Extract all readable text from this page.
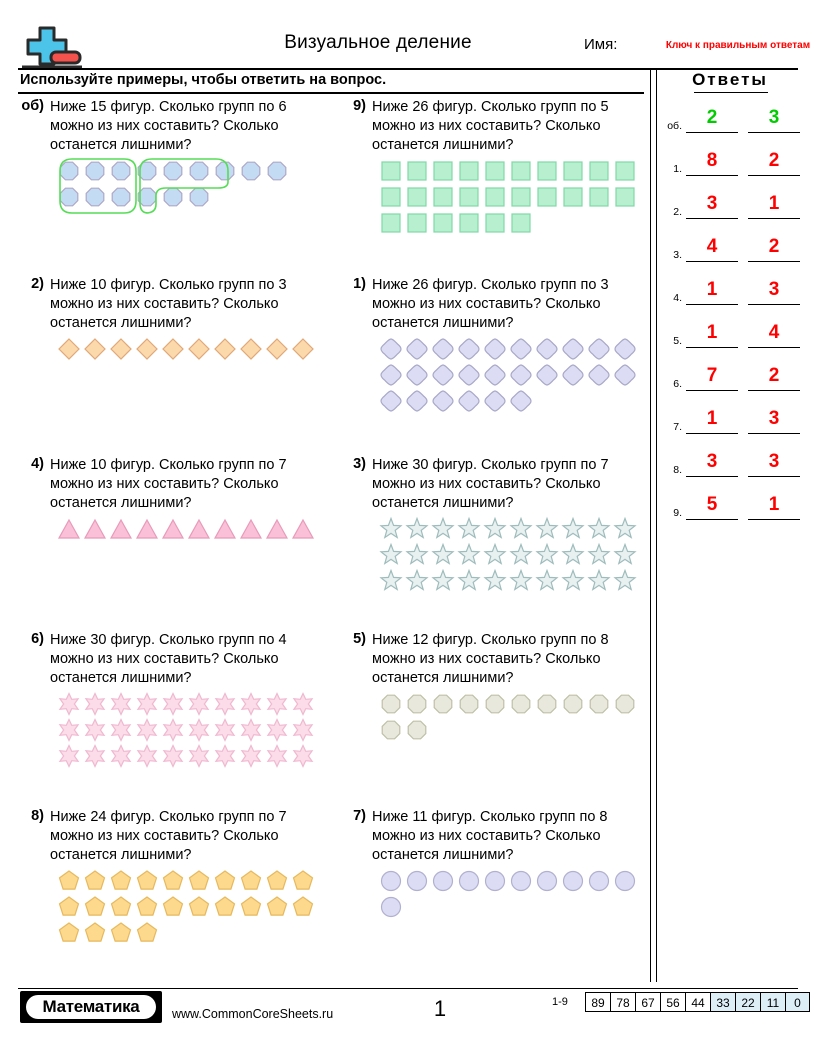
Визуальное деление	Имя:	Ключ к правильным ответам
Используйте примеры, чтобы ответить на вопрос.	Ответы
об) Ниже 15 фигур. Сколько групп по 6 можно из них составить? Сколько останется лишними?
1) Ниже 26 фигур. Сколько групп по 3 можно из них составить? Сколько останется лишними?
2) Ниже 10 фигур. Сколько групп по 3 можно из них составить? Сколько останется лишними?
3) Ниже 30 фигур. Сколько групп по 7 можно из них составить? Сколько останется лишними?
4) Ниже 10 фигур. Сколько групп по 7 можно из них составить? Сколько останется лишними?
5) Ниже 12 фигур. Сколько групп по 8 можно из них составить? Сколько останется лишними?
6) Ниже 30 фигур. Сколько групп по 4 можно из них составить? Сколько останется лишними?
7) Ниже 11 фигур. Сколько групп по 8 можно из них составить? Сколько останется лишними?
8) Ниже 24 фигур. Сколько групп по 7 можно из них составить? Сколько останется лишними?
9) Ниже 26 фигур. Сколько групп по 5 можно из них составить? Сколько останется лишними?
об.	2	3
1.	8	2
2.	3	1
3.	4	2
4.	1	3
5.	1	4
6.	7	2
7.	1	3
8.	3	3
9.	5	1
Математика	www.CommonCoreSheets.ru	1	1-9	89 78 67 56 44 33 22	11	0
